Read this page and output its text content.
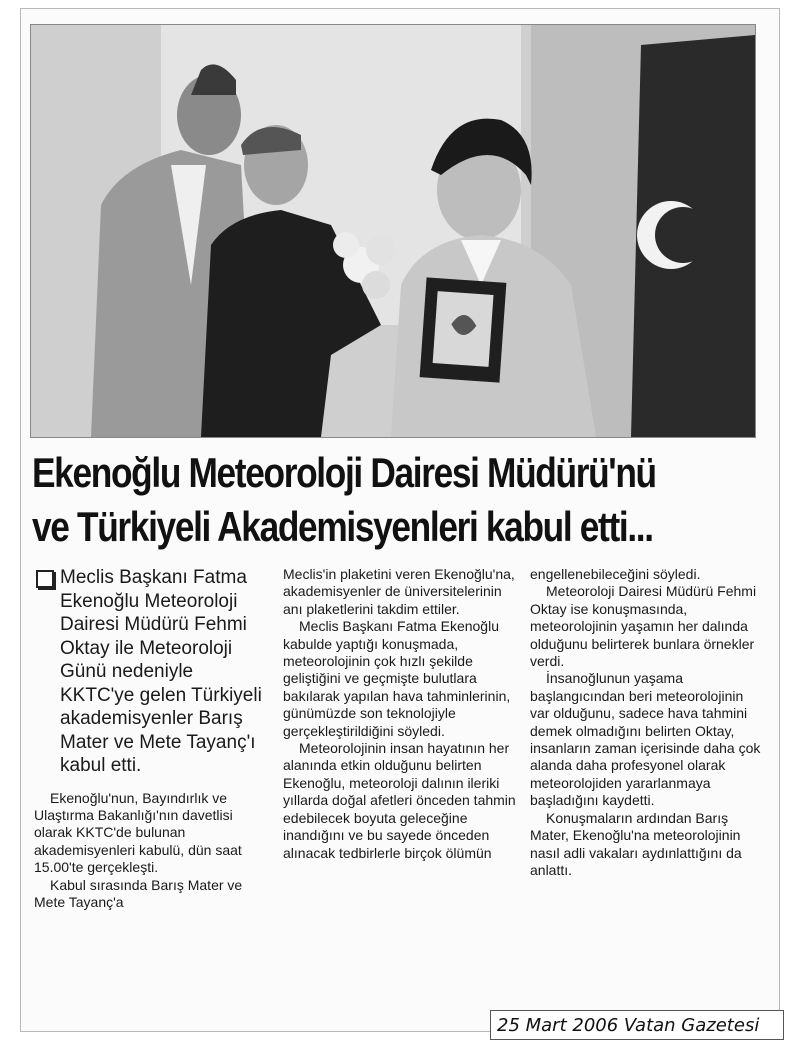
Ekenoğlu Meteoroloji Dairesi Müdürü'nü
ve Türkiyeli Akademisyenleri kabul etti...
Meclis Başkanı Fatma Ekenoğlu Meteoroloji Dairesi Müdürü Fehmi Oktay ile Meteoroloji Günü nedeniyle KKTC'ye gelen Türkiyeli akademisyenler Barış Mater ve Mete Tayanç'ı kabul etti.

Ekenoğlu'nun, Bayındırlık ve Ulaştırma Bakanlığı'nın davetlisi olarak KKTC'de bulunan akademisyenleri kabulü, dün saat 15.00'te gerçekleşti.

Kabul sırasında Barış Mater ve Mete Tayanç'a

Meclis'in plaketini veren Ekenoğlu'na, akademisyenler de üniversitelerinin anı plaketlerini takdim ettiler.

Meclis Başkanı Fatma Ekenoğlu kabulde yaptığı konuşmada, meteorolojinin çok hızlı şekilde geliştiğini ve geçmişte bulutlara bakılarak yapılan hava tahminlerinin, günümüzde son teknolojiyle gerçekleştirildiğini söyledi.

Meteorolojinin insan hayatının her alanında etkin olduğunu belirten Ekenoğlu, meteoroloji dalının ileriki yıllarda doğal afetleri önceden tahmin edebilecek boyuta geleceğine inandığını ve bu sayede önceden alınacak tedbirlerle birçok ölümün

engellenebileceğini söyledi.

Meteoroloji Dairesi Müdürü Fehmi Oktay ise konuşmasında, meteorolojinin yaşamın her dalında olduğunu belirterek bunlara örnekler verdi.

İnsanoğlunun yaşama başlangıcından beri meteorolojinin var olduğunu, sadece hava tahmini demek olmadığını belirten Oktay, insanların zaman içerisinde daha çok alanda daha profesyonel olarak meteorolojiden yararlanmaya başladığını kaydetti.

Konuşmaların ardından Barış Mater, Ekenoğlu'na meteorolojinin nasıl adli vakaları aydınlattığını da anlattı.

25 Mart 2006 Vatan Gazetesi
